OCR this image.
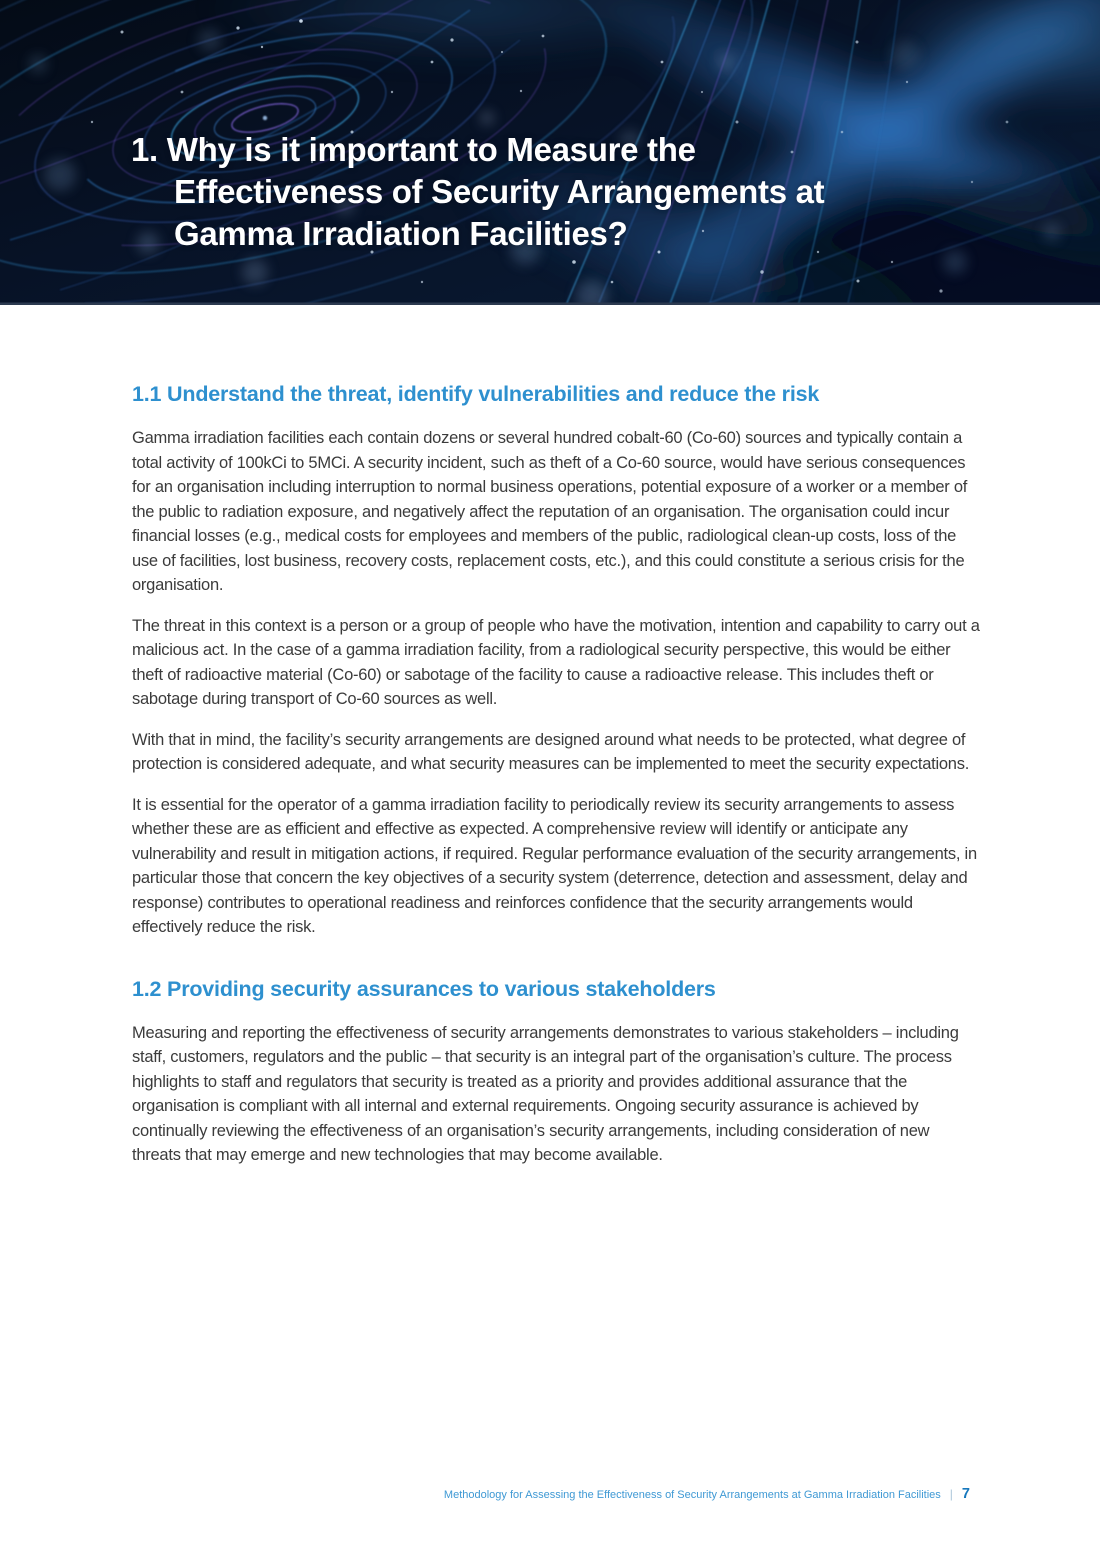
1. Why is it important to Measure the
Effectiveness of Security Arrangements at
Gamma Irradiation Facilities?
1.1 Understand the threat, identify vulnerabilities and reduce the risk

Gamma irradiation facilities each contain dozens or several hundred cobalt-60 (Co-60) sources and typically contain a total activity of 100kCi to 5MCi. A security incident, such as theft of a Co-60 source, would have serious consequences for an organisation including interruption to normal business operations, potential exposure of a worker or a member of the public to radiation exposure, and negatively affect the reputation of an organisation. The organisation could incur financial losses (e.g., medical costs for employees and members of the public, radiological clean-up costs, loss of the use of facilities, lost business, recovery costs, replacement costs, etc.), and this could constitute a serious crisis for the organisation.

The threat in this context is a person or a group of people who have the motivation, intention and capability to carry out a malicious act. In the case of a gamma irradiation facility, from a radiological security perspective, this would be either theft of radioactive material (Co-60) or sabotage of the facility to cause a radioactive release. This includes theft or sabotage during transport of Co-60 sources as well.

With that in mind, the facility’s security arrangements are designed around what needs to be protected, what degree of protection is considered adequate, and what security measures can be implemented to meet the security expectations.

It is essential for the operator of a gamma irradiation facility to periodically review its security arrangements to assess whether these are as efficient and effective as expected. A comprehensive review will identify or anticipate any vulnerability and result in mitigation actions, if required. Regular performance evaluation of the security arrangements, in particular those that concern the key objectives of a security system (deterrence, detection and assessment, delay and response) contributes to operational readiness and reinforces confidence that the security arrangements would effectively reduce the risk.

1.2 Providing security assurances to various stakeholders

Measuring and reporting the effectiveness of security arrangements demonstrates to various stakeholders – including staff, customers, regulators and the public – that security is an integral part of the organisation’s culture. The process highlights to staff and regulators that security is treated as a priority and provides additional assurance that the organisation is compliant with all internal and external requirements. Ongoing security assurance is achieved by continually reviewing the effectiveness of an organisation’s security arrangements, including consideration of new threats that may emerge and new technologies that may become available.

Methodology for Assessing the Effectiveness of Security Arrangements at Gamma Irradiation Facilities | 7
